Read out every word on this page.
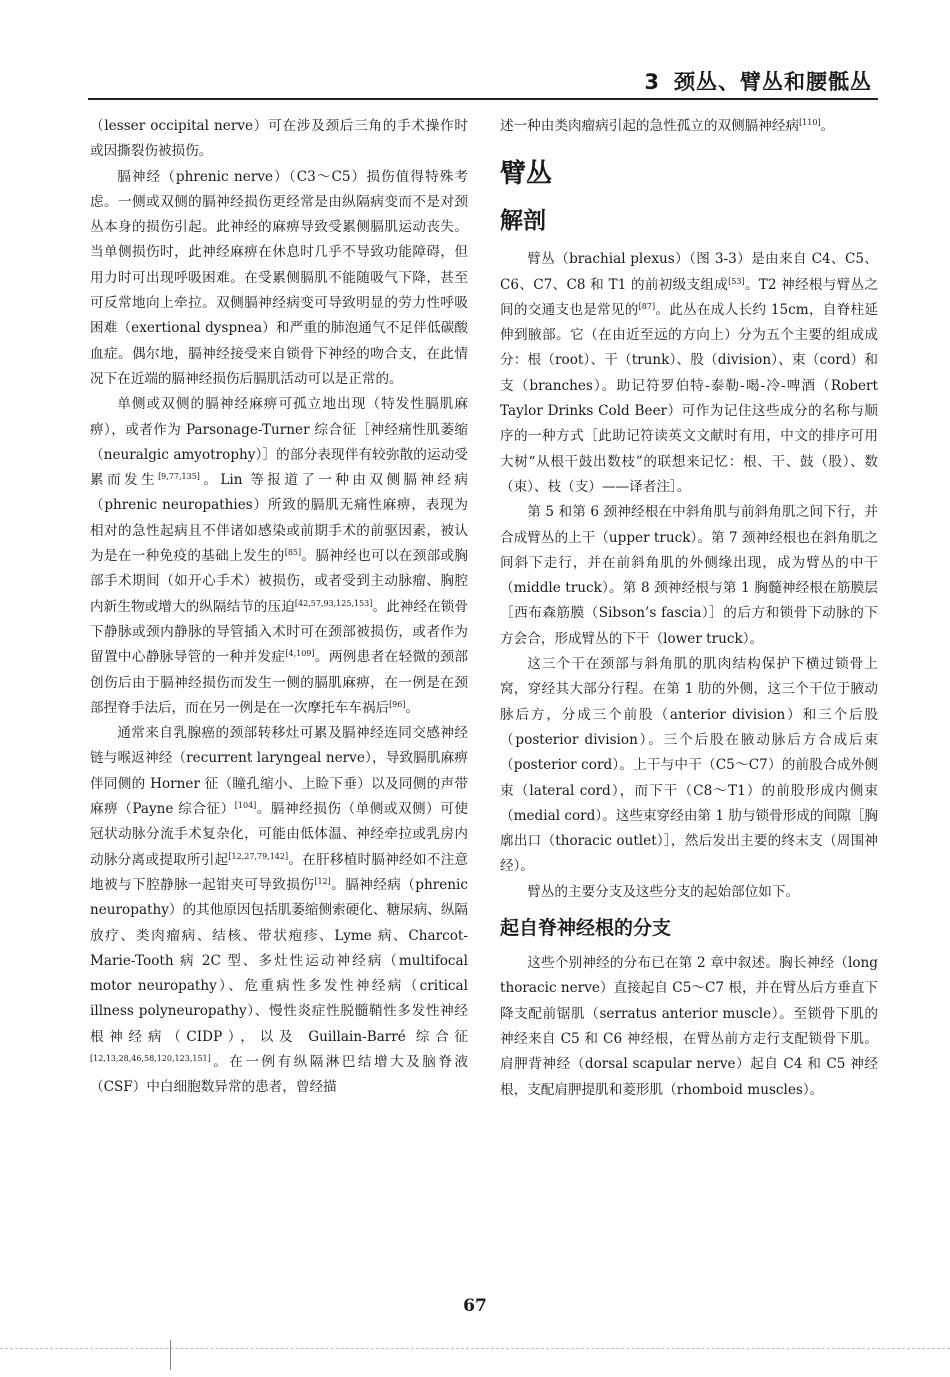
3 颈丛、臂丛和腰骶丛

（lesser occipital nerve）可在涉及颈后三角的手术操作时或因撕裂伤被损伤。

膈神经（phrenic nerve）（C3～C5）损伤值得特殊考虑。一侧或双侧的膈神经损伤更经常是由纵隔病变而不是对颈丛本身的损伤引起。此神经的麻痹导致受累侧膈肌运动丧失。当单侧损伤时，此神经麻痹在休息时几乎不导致功能障碍，但用力时可出现呼吸困难。在受累侧膈肌不能随吸气下降，甚至可反常地向上牵拉。双侧膈神经病变可导致明显的劳力性呼吸困难（exertional dyspnea）和严重的肺泡通气不足伴低碳酸血症。偶尔地，膈神经接受来自锁骨下神经的吻合支，在此情况下在近端的膈神经损伤后膈肌活动可以是正常的。

单侧或双侧的膈神经麻痹可孤立地出现（特发性膈肌麻痹），或者作为 Parsonage-Turner 综合征［神经痛性肌萎缩（neuralgic amyotrophy）］的部分表现伴有较弥散的运动受累而发生[9,77,135]。Lin 等报道了一种由双侧膈神经病（phrenic neuropathies）所致的膈肌无痛性麻痹，表现为相对的急性起病且不伴诸如感染或前期手术的前驱因素，被认为是在一种免疫的基础上发生的[85]。膈神经也可以在颈部或胸部手术期间（如开心手术）被损伤，或者受到主动脉瘤、胸腔内新生物或增大的纵隔结节的压迫[42,57,93,125,153]。此神经在锁骨下静脉或颈内静脉的导管插入术时可在颈部被损伤，或者作为留置中心静脉导管的一种并发症[4,109]。两例患者在轻微的颈部创伤后由于膈神经损伤而发生一侧的膈肌麻痹，在一例是在颈部捏脊手法后，而在另一例是在一次摩托车车祸后[96]。

通常来自乳腺癌的颈部转移灶可累及膈神经连同交感神经链与喉返神经（recurrent laryngeal nerve），导致膈肌麻痹伴同侧的 Horner 征（瞳孔缩小、上睑下垂）以及同侧的声带麻痹（Payne 综合征）[104]。膈神经损伤（单侧或双侧）可使冠状动脉分流手术复杂化，可能由低体温、神经牵拉或乳房内动脉分离或提取所引起[12,27,79,142]。在肝移植时膈神经如不注意地被与下腔静脉一起钳夹可导致损伤[12]。膈神经病（phrenic neuropathy）的其他原因包括肌萎缩侧索硬化、糖尿病、纵隔放疗、类肉瘤病、结核、带状疱疹、Lyme 病、Charcot-Marie-Tooth 病 2C 型、多灶性运动神经病（multifocal motor neuropathy）、危重病性多发性神经病（critical illness polyneuropathy）、慢性炎症性脱髓鞘性多发性神经根神经病（CIDP），以及 Guillain-Barré 综合征[12,13,28,46,58,120,123,151]。在一例有纵隔淋巴结增大及脑脊液（CSF）中白细胞数异常的患者，曾经描

述一种由类肉瘤病引起的急性孤立的双侧膈神经病[110]。

臂丛
解剖

臂丛（brachial plexus）（图 3-3）是由来自 C4、C5、C6、C7、C8 和 T1 的前初级支组成[53]。T2 神经根与臂丛之间的交通支也是常见的[87]。此丛在成人长约 15cm，自脊柱延伸到腋部。它（在由近至远的方向上）分为五个主要的组成成分：根（root）、干（trunk）、股（division）、束（cord）和支（branches）。助记符罗伯特-泰勒-喝-冷-啤酒（Robert Taylor Drinks Cold Beer）可作为记住这些成分的名称与顺序的一种方式［此助记符读英文文献时有用，中文的排序可用大树“从根干鼓出数枝”的联想来记忆：根、干、鼓（股）、数（束）、枝（支）——译者注］。

第 5 和第 6 颈神经根在中斜角肌与前斜角肌之间下行，并合成臂丛的上干（upper truck）。第 7 颈神经根也在斜角肌之间斜下走行，并在前斜角肌的外侧缘出现，成为臂丛的中干（middle truck）。第 8 颈神经根与第 1 胸髓神经根在筋膜层［西布森筋膜（Sibson’s fascia）］的后方和锁骨下动脉的下方会合，形成臂丛的下干（lower truck）。

这三个干在颈部与斜角肌的肌肉结构保护下横过锁骨上窝，穿经其大部分行程。在第 1 肋的外侧，这三个干位于腋动脉后方，分成三个前股（anterior division）和三个后股（posterior division）。三个后股在腋动脉后方合成后束（posterior cord）。上干与中干（C5～C7）的前股合成外侧束（lateral cord），而下干（C8～T1）的前股形成内侧束（medial cord）。这些束穿经由第 1 肋与锁骨形成的间隙［胸廓出口（thoracic outlet）］，然后发出主要的终末支（周围神经）。

臂丛的主要分支及这些分支的起始部位如下。

起自脊神经根的分支

这些个别神经的分布已在第 2 章中叙述。胸长神经（long thoracic nerve）直接起自 C5～C7 根，并在臂丛后方垂直下降支配前锯肌（serratus anterior muscle）。至锁骨下肌的神经来自 C5 和 C6 神经根，在臂丛前方走行支配锁骨下肌。肩胛背神经（dorsal scapular nerve）起自 C4 和 C5 神经根，支配肩胛提肌和菱形肌（rhomboid muscles）。

67
